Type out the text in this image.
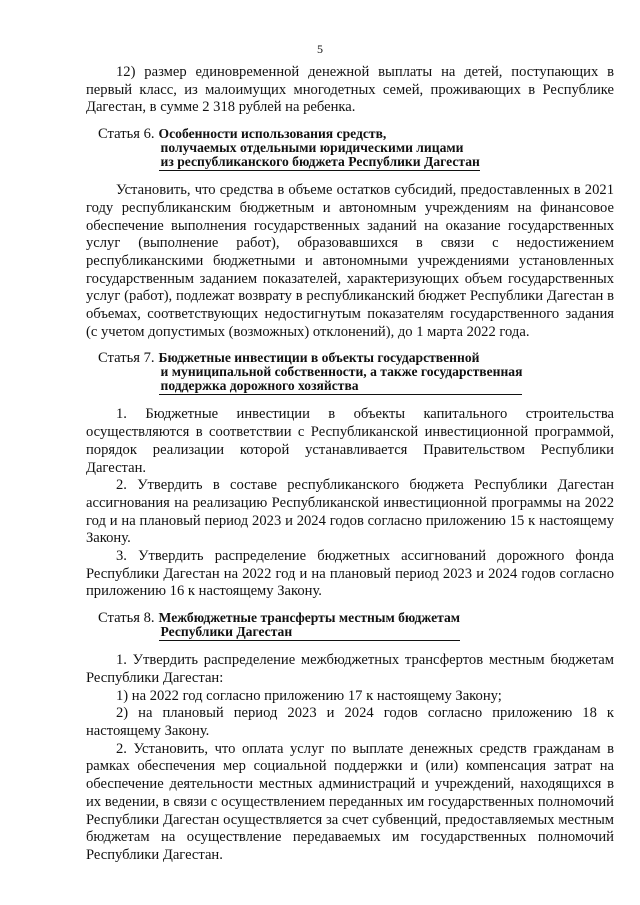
5

12) размер единовременной денежной выплаты на детей, поступающих в первый класс, из малоимущих многодетных семей, проживающих в Республике Дагестан, в сумме 2 318 рублей на ребенка.

Статья 6. Особенности использования средств,
получаемых отдельными юридическими лицами
из республиканского бюджета Республики Дагестан

Установить, что средства в объеме остатков субсидий, предоставленных в 2021 году республиканским бюджетным и автономным учреждениям на финансовое обеспечение выполнения государственных заданий на оказание государственных услуг (выполнение работ), образовавшихся в связи с недостижением республиканскими бюджетными и автономными учреждениями установленных государственным заданием показателей, характеризующих объем государственных услуг (работ), подлежат возврату в республиканский бюджет Республики Дагестан в объемах, соответствующих недостигнутым показателям государственного задания (с учетом допустимых (возможных) отклонений), до 1 марта 2022 года.

Статья 7. Бюджетные инвестиции в объекты государственной
и муниципальной собственности, а также государственная
поддержка дорожного хозяйства

1. Бюджетные инвестиции в объекты капитального строительства осуществляются в соответствии с Республиканской инвестиционной программой, порядок реализации которой устанавливается Правительством Республики Дагестан.

2. Утвердить в составе республиканского бюджета Республики Дагестан ассигнования на реализацию Республиканской инвестиционной программы на 2022 год и на плановый период 2023 и 2024 годов согласно приложению 15 к настоящему Закону.

3. Утвердить распределение бюджетных ассигнований дорожного фонда Республики Дагестан на 2022 год и на плановый период 2023 и 2024 годов согласно приложению 16 к настоящему Закону.

Статья 8. Межбюджетные трансферты местным бюджетам
Республики Дагестан

1. Утвердить распределение межбюджетных трансфертов местным бюджетам Республики Дагестан:

1) на 2022 год согласно приложению 17 к настоящему Закону;

2) на плановый период 2023 и 2024 годов согласно приложению 18 к настоящему Закону.

2. Установить, что оплата услуг по выплате денежных средств гражданам в рамках обеспечения мер социальной поддержки и (или) компенсация затрат на обеспечение деятельности местных администраций и учреждений, находящихся в их ведении, в связи с осуществлением переданных им государственных полномочий Республики Дагестан осуществляется за счет субвенций, предоставляемых местным бюджетам на осуществление передаваемых им государственных полномочий Республики Дагестан.
